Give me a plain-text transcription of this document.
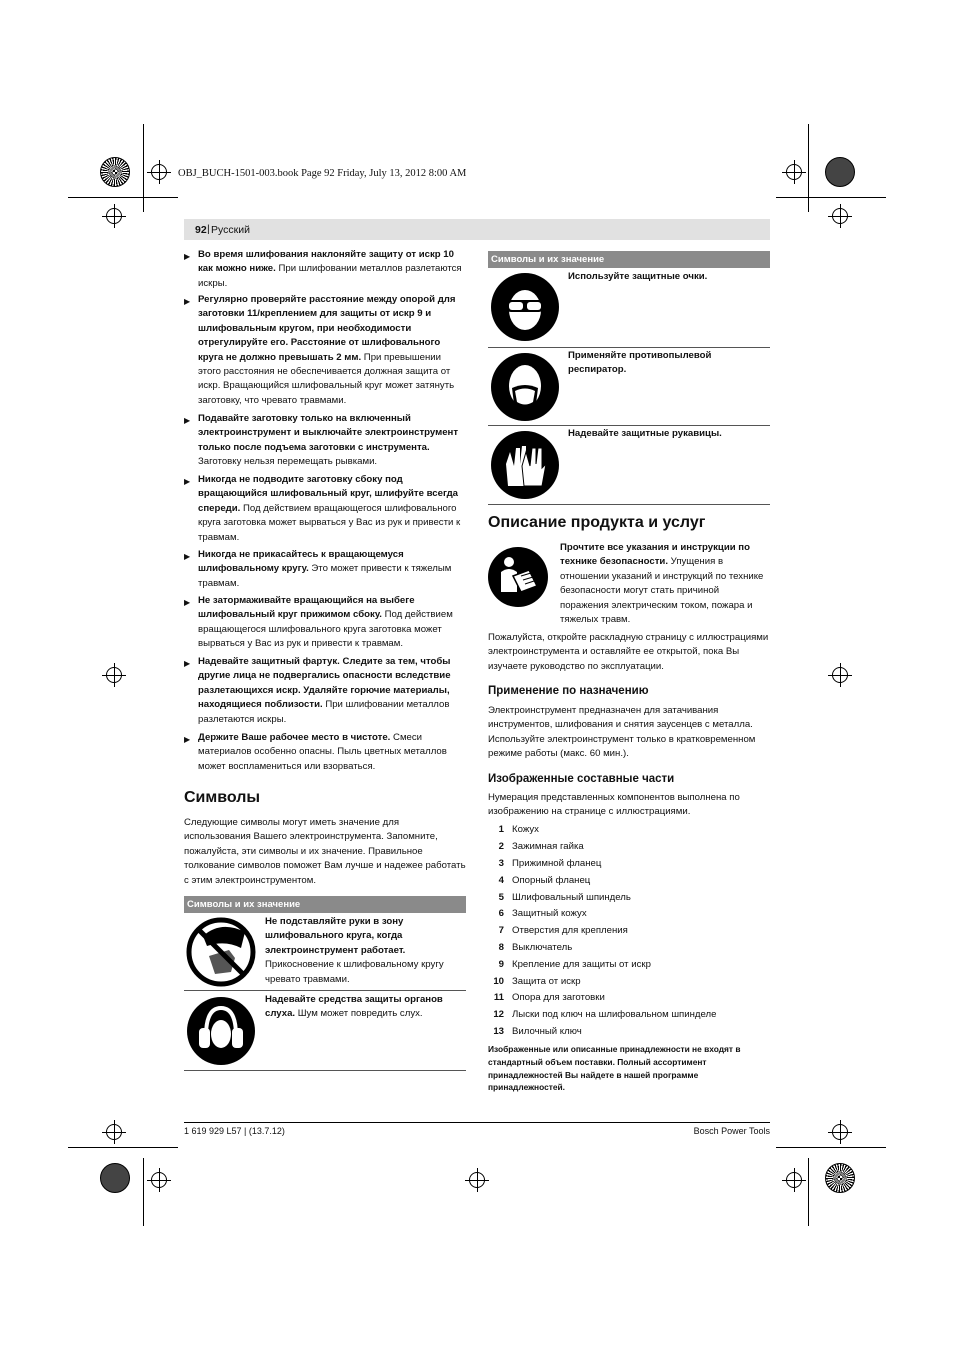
OBJ_BUCH-1501-003.book Page 92 Friday, July 13, 2012 8:00 AM
92 | Русский
▶ Во время шлифования наклоняйте защиту от искр 10 как можно ниже. При шлифовании металлов разлетаются искры.
▶ Регулярно проверяйте расстояние между опорой для заготовки 11/креплением для защиты от искр 9 и шлифовальным кругом, при необходимости отрегулируйте его. Расстояние от шлифовального круга не должно превышать 2 мм. При превышении этого расстояния не обеспечивается должная защита от искр. Вращающийся шлифовальный круг может затянуть заготовку, что чревато травмами.
▶ Подавайте заготовку только на включенный электроинструмент и выключайте электроинструмент только после подъема заготовки с инструмента. Заготовку нельзя перемещать рывками.
▶ Никогда не подводите заготовку сбоку под вращающийся шлифовальный круг, шлифуйте всегда спереди. Под действием вращающегося шлифовального круга заготовка может вырваться у Вас из рук и привести к травмам.
▶ Никогда не прикасайтесь к вращающемуся шлифовальному кругу. Это может привести к тяжелым травмам.
▶ Не затормаживайте вращающийся на выбеге шлифовальный круг прижимом сбоку. Под действием вращающегося шлифовального круга заготовка может вырваться у Вас из рук и привести к травмам.
▶ Надевайте защитный фартук. Следите за тем, чтобы другие лица не подвергались опасности вследствие разлетающихся искр. Удаляйте горючие материалы, находящиеся поблизости. При шлифовании металлов разлетаются искры.
▶ Держите Ваше рабочее место в чистоте. Смеси материалов особенно опасны. Пыль цветных металлов может воспламениться или взорваться.
Символы
Следующие символы могут иметь значение для использования Вашего электроинструмента. Запомните, пожалуйста, эти символы и их значение. Правильное толкование символов поможет Вам лучше и надежее работать с этим электроинструментом.
Символы и их значение
Не подставляйте руки в зону шлифовального круга, когда электроинструмент работает. Прикосновение к шлифовальному кругу чревато травмами.
Надевайте средства защиты органов слуха. Шум может повредить слух.
Символы и их значение
Используйте защитные очки.
Применяйте противопылевой респиратор.
Надевайте защитные рукавицы.
Описание продукта и услуг
Прочтите все указания и инструкции по технике безопасности. Упущения в отношении указаний и инструкций по технике безопасности могут стать причиной поражения электрическим током, пожара и тяжелых травм.
Пожалуйста, откройте раскладную страницу с иллюстрациями электроинструмента и оставляйте ее открытой, пока Вы изучаете руководство по эксплуатации.
Применение по назначению
Электроинструмент предназначен для затачивания инструментов, шлифования и снятия заусенцев с металла. Используйте электроинструмент только в кратковременном режиме работы (макс. 60 мин.).
Изображенные составные части
Нумерация представленных компонентов выполнена по изображению на странице с иллюстрациями.
1 Кожух
2 Зажимная гайка
3 Прижимной фланец
4 Опорный фланец
5 Шлифовальный шпиндель
6 Защитный кожух
7 Отверстия для крепления
8 Выключатель
9 Крепление для защиты от искр
10 Защита от искр
11 Опора для заготовки
12 Лыски под ключ на шлифовальном шпинделе
13 Вилочный ключ
Изображенные или описанные принадлежности не входят в стандартный объем поставки. Полный ассортимент принадлежностей Вы найдете в нашей программе принадлежностей.
1 619 929 L57 | (13.7.12)	Bosch Power Tools
